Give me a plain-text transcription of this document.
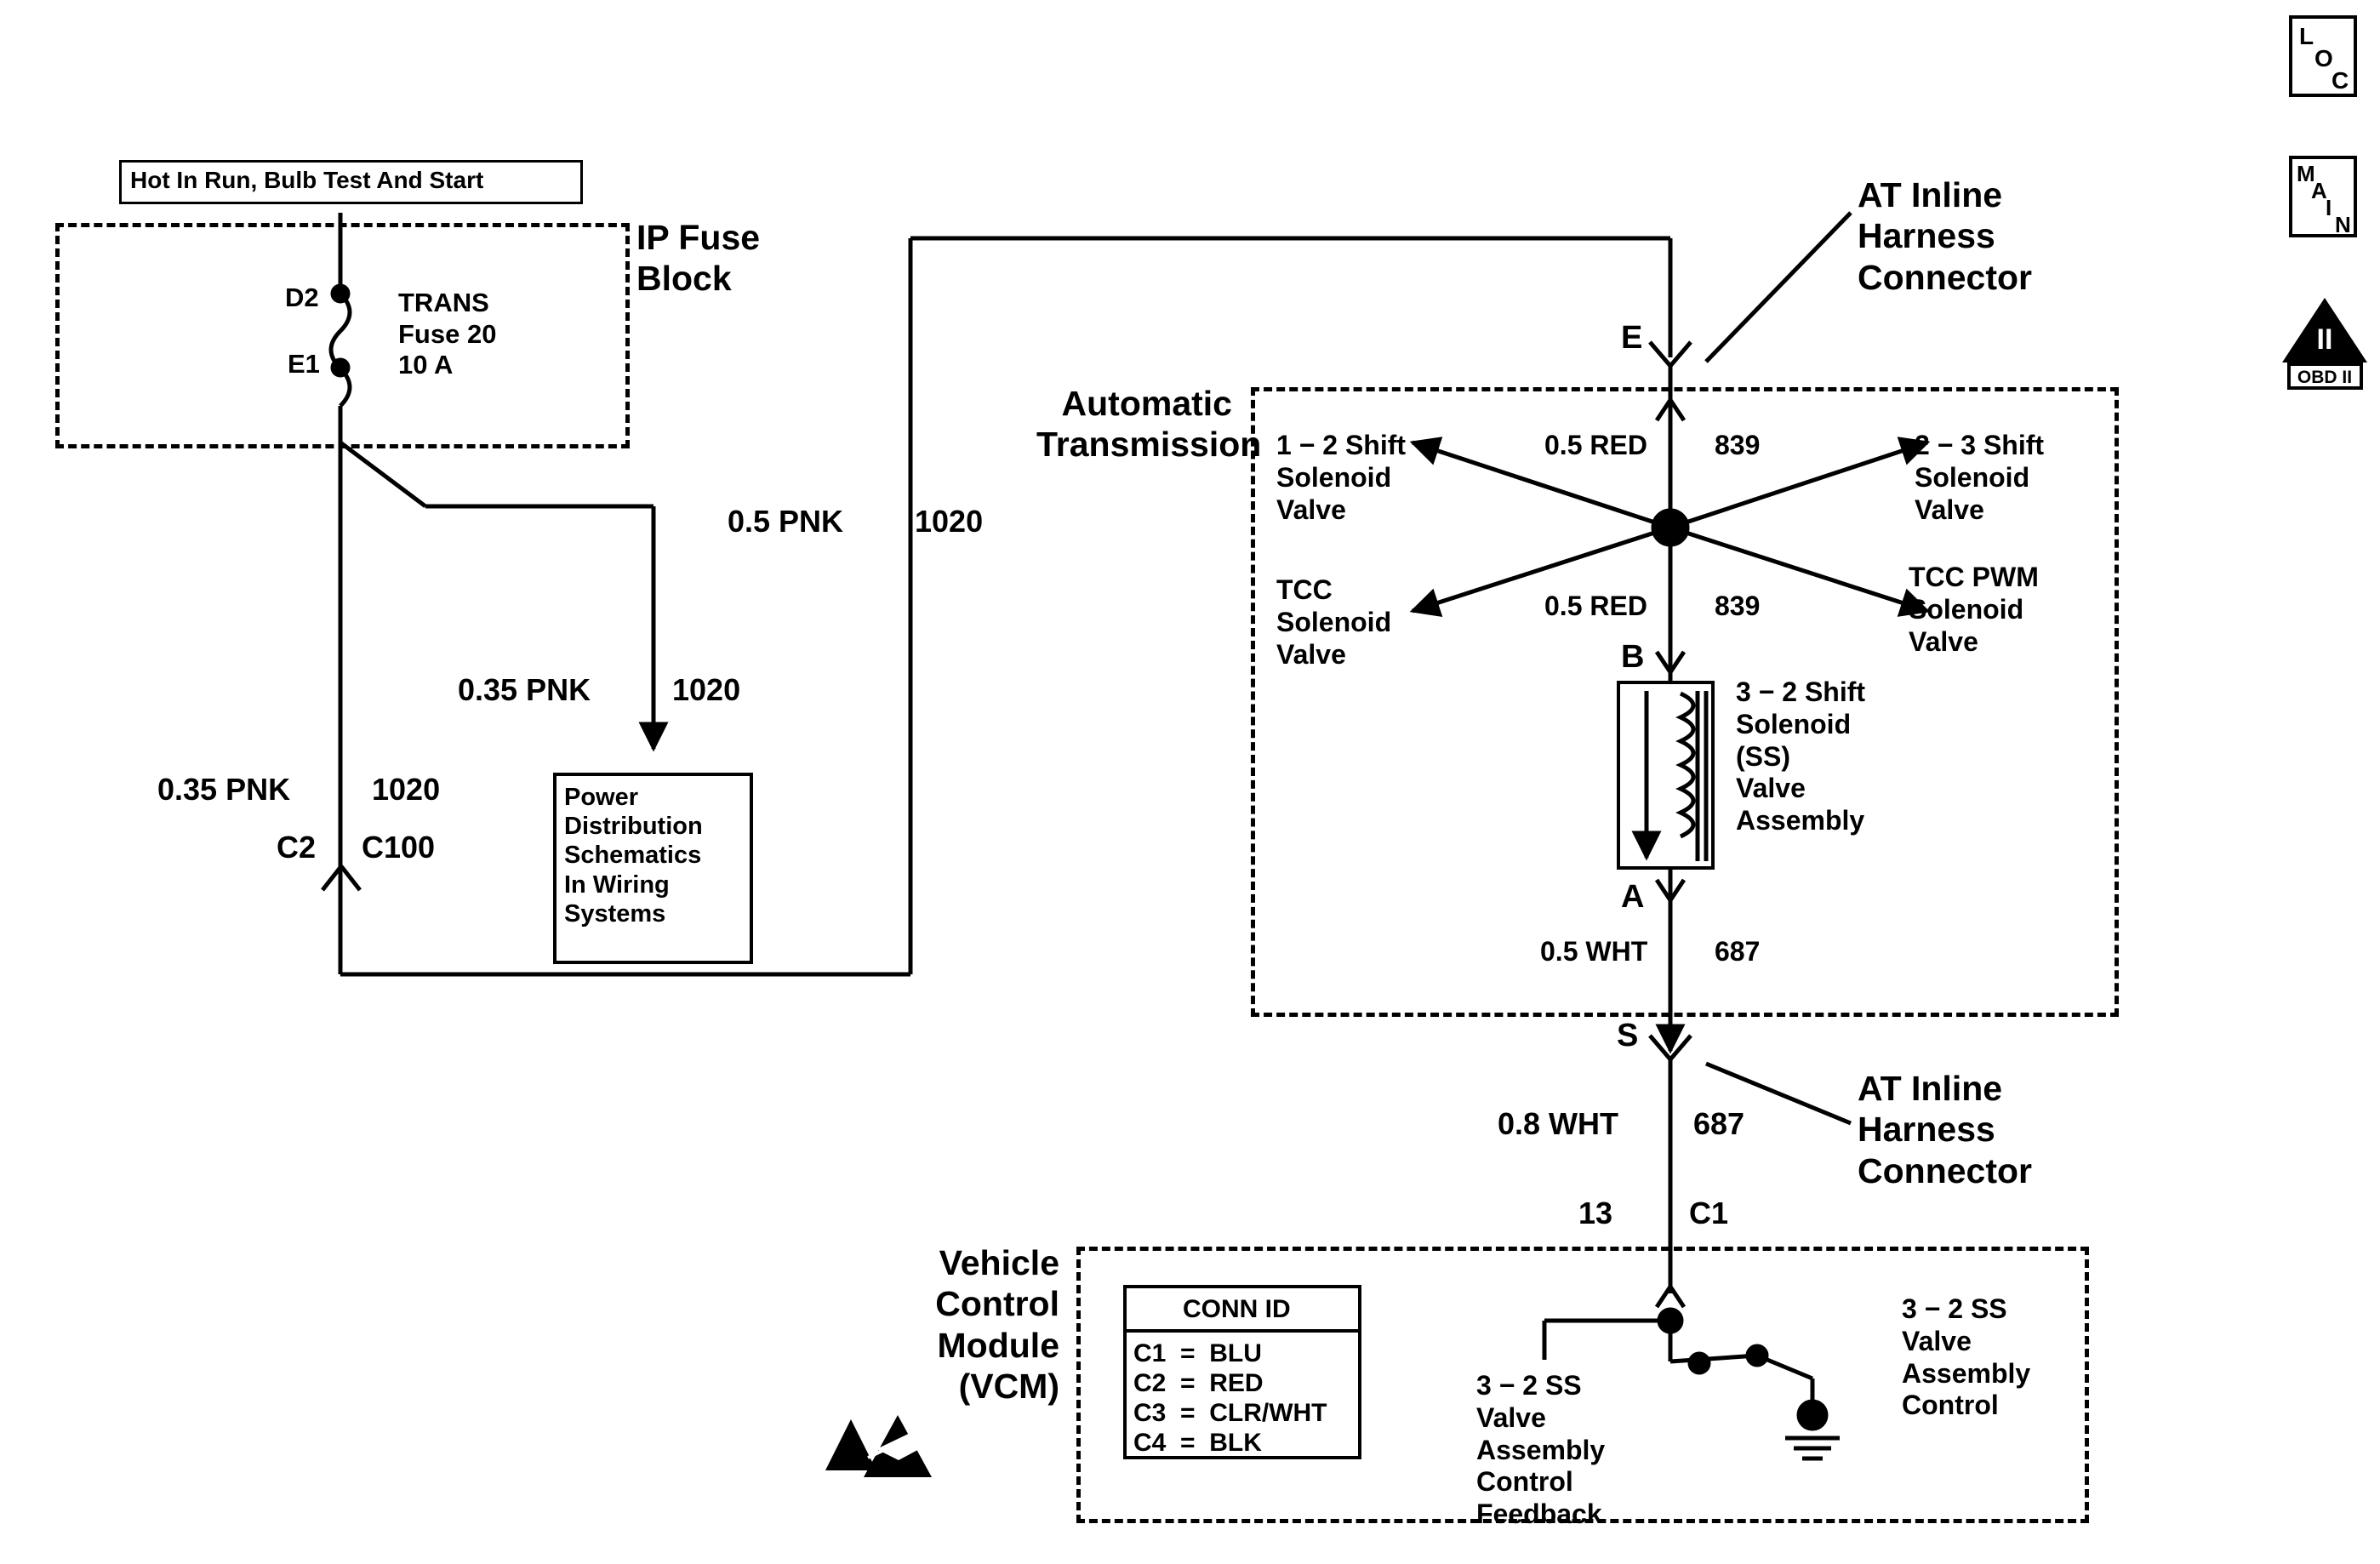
Hot In Run, Bulb Test And Start
IP Fuse
Block
D2
E1
TRANS
Fuse 20
10 A
Power
Distribution
Schematics
In Wiring
Systems
0.35 PNK	1020
0.35 PNK	1020
C2 C100
0.5 PNK 1020
Automatic
Transmission
AT Inline
Harness
Connector
E
1 − 2 Shift
Solenoid
Valve
2 − 3 Shift
Solenoid
Valve
TCC
Solenoid
Valve
TCC PWM
Solenoid
Valve
0.5 RED 839
0.5 RED 839
B
3 − 2 Shift
Solenoid
(SS)
Valve
Assembly
A
0.5 WHT 687
S
AT Inline
Harness
Connector
0.8 WHT 687
13 C1
Vehicle
Control
Module
(VCM)
CONN ID
C1  =  BLU
C2  =  RED
C3  =  CLR/WHT
C4  =  BLK
3 − 2 SS
Valve
Assembly
Control
Feedback
3 − 2 SS
Valve
Assembly
Control
L
O
C
M
A
I
N
II
OBD II
